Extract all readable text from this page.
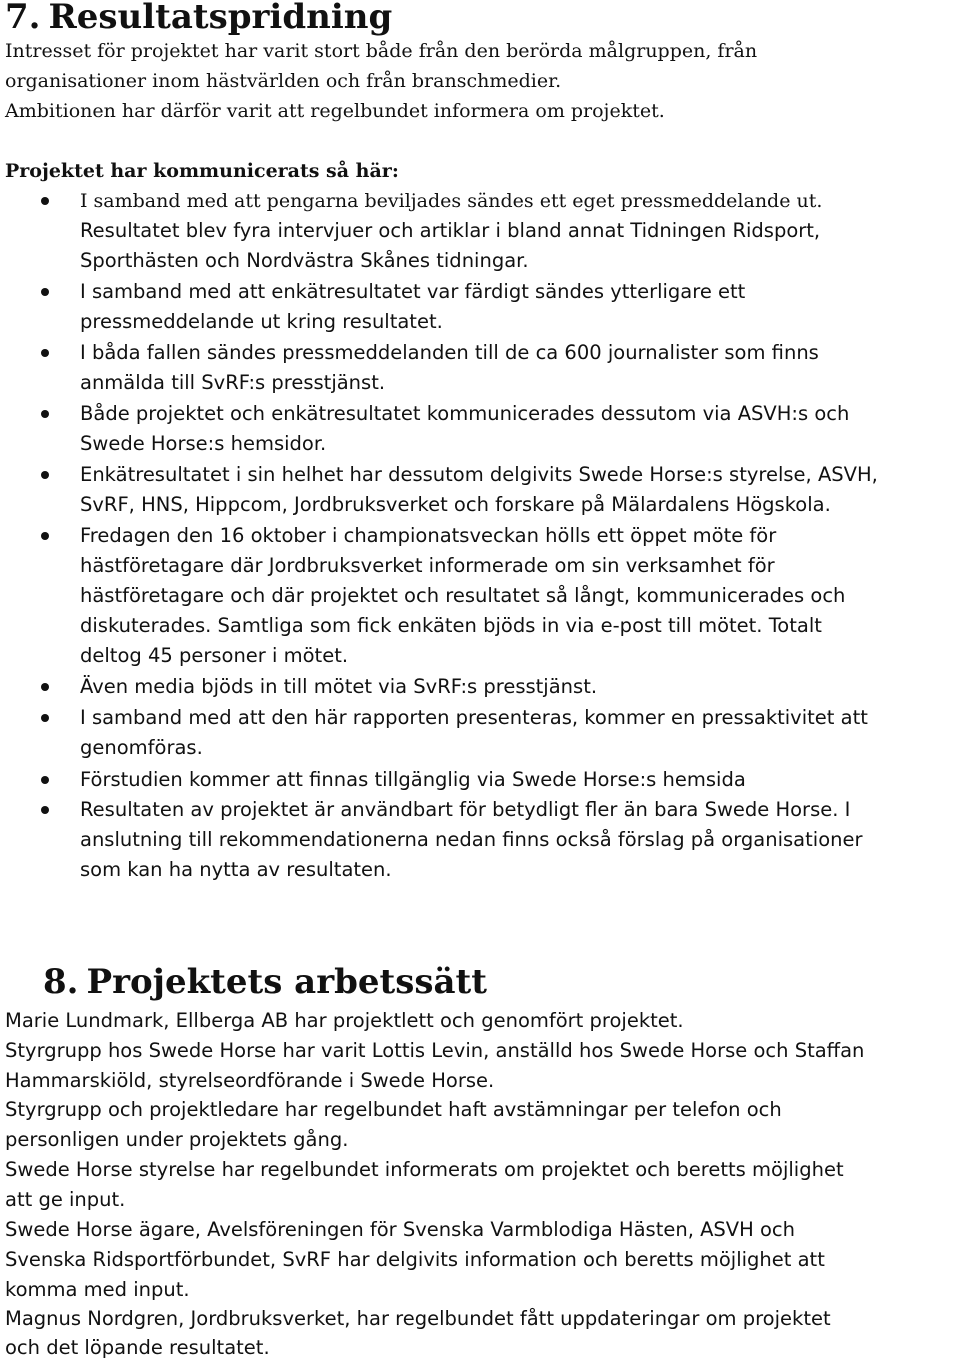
7. Resultatspridning

Intresset för projektet har varit stort både från den berörda målgruppen, från

organisationer inom hästvärlden och från branschmedier.

Ambitionen har därför varit att regelbundet informera om projektet.

Projektet har kommunicerats så här:

I samband med att pengarna beviljades sändes ett eget pressmeddelande ut.
Resultatet blev fyra intervjuer och artiklar i bland annat Tidningen Ridsport,
Sporthästen och Nordvästra Skånes tidningar.
I samband med att enkätresultatet var färdigt sändes ytterligare ett
pressmeddelande ut kring resultatet.
I båda fallen sändes pressmeddelanden till de ca 600 journalister som finns
anmälda till SvRF:s presstjänst.
Både projektet och enkätresultatet kommunicerades dessutom via ASVH:s och
Swede Horse:s hemsidor.
Enkätresultatet i sin helhet har dessutom delgivits Swede Horse:s styrelse, ASVH,
SvRF, HNS, Hippcom, Jordbruksverket och forskare på Mälardalens Högskola.
Fredagen den 16 oktober i championatsveckan hölls ett öppet möte för
hästföretagare där Jordbruksverket informerade om sin verksamhet för
hästföretagare och där projektet och resultatet så långt, kommunicerades och
diskuterades. Samtliga som fick enkäten bjöds in via e-post till mötet. Totalt
deltog 45 personer i mötet.
Även media bjöds in till mötet via SvRF:s presstjänst.
I samband med att den här rapporten presenteras, kommer en pressaktivitet att
genomföras.
Förstudien kommer att finnas tillgänglig via Swede Horse:s hemsida
Resultaten av projektet är användbart för betydligt fler än bara Swede Horse. I
anslutning till rekommendationerna nedan finns också förslag på organisationer
som kan ha nytta av resultaten.
8. Projektets arbetssätt

Marie Lundmark, Ellberga AB har projektlett och genomfört projektet.

Styrgrupp hos Swede Horse har varit Lottis Levin, anställd hos Swede Horse och Staffan

Hammarskiöld, styrelseordförande i Swede Horse.

Styrgrupp och projektledare har regelbundet haft avstämningar per telefon och

personligen under projektets gång.

Swede Horse styrelse har regelbundet informerats om projektet och beretts möjlighet

att ge input.

Swede Horse ägare, Avelsföreningen för Svenska Varmblodiga Hästen, ASVH och

Svenska Ridsportförbundet, SvRF har delgivits information och beretts möjlighet att

komma med input.

Magnus Nordgren, Jordbruksverket, har regelbundet fått uppdateringar om projektet

och det löpande resultatet.
